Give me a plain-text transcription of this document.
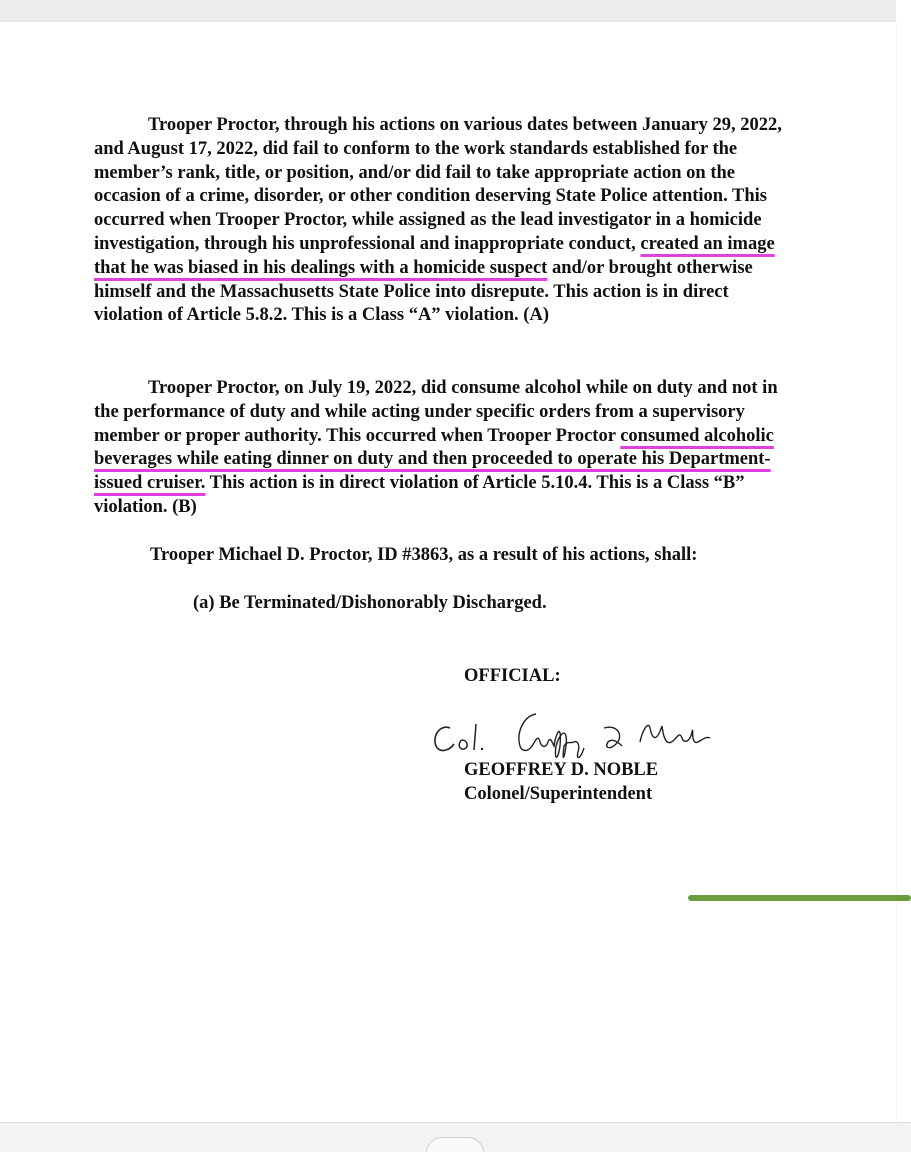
Trooper Proctor, through his actions on various dates between January 29, 2022, and August 17, 2022, did fail to conform to the work standards established for the member’s rank, title, or position, and/or did fail to take appropriate action on the occasion of a crime, disorder, or other condition deserving State Police attention. This occurred when Trooper Proctor, while assigned as the lead investigator in a homicide investigation, through his unprofessional and inappropriate conduct, created an image that he was biased in his dealings with a homicide suspect and/or brought otherwise himself and the Massachusetts State Police into disrepute. This action is in direct violation of Article 5.8.2. This is a Class “A” violation. (A)
Trooper Proctor, on July 19, 2022, did consume alcohol while on duty and not in the performance of duty and while acting under specific orders from a supervisory member or proper authority. This occurred when Trooper Proctor consumed alcoholic beverages while eating dinner on duty and then proceeded to operate his Department-issued cruiser. This action is in direct violation of Article 5.10.4. This is a Class “B” violation. (B)
Trooper Michael D. Proctor, ID #3863, as a result of his actions, shall:
(a) Be Terminated/Dishonorably Discharged.
OFFICIAL:
GEOFFREY D. NOBLE
Colonel/Superintendent
